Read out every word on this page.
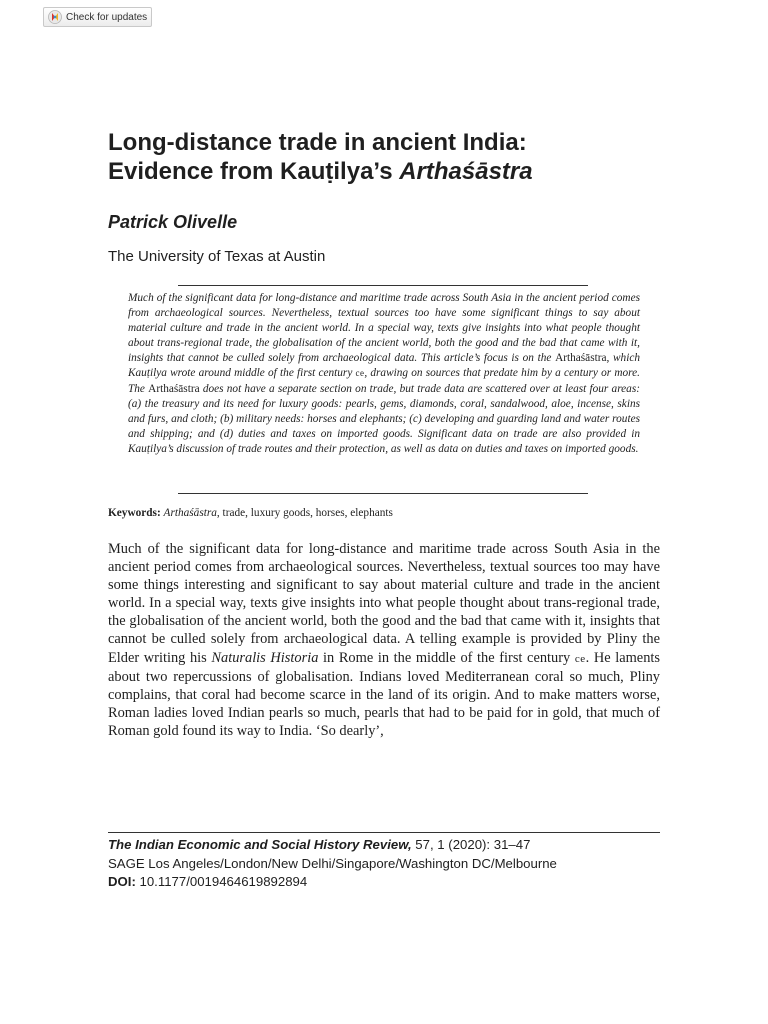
Check for updates
Long-distance trade in ancient India:
Evidence from Kauṭilya’s Arthaśāstra

Patrick Olivelle

The University of Texas at Austin

Much of the significant data for long-distance and maritime trade across South Asia in the ancient period comes from archaeological sources. Nevertheless, textual sources too have some significant things to say about material culture and trade in the ancient world. In a special way, texts give insights into what people thought about trans-regional trade, the globalisation of the ancient world, both the good and the bad that came with it, insights that cannot be culled solely from archaeological data. This article’s focus is on the Arthaśāstra, which Kauṭilya wrote around middle of the first century ce, drawing on sources that predate him by a century or more. The Arthaśāstra does not have a separate section on trade, but trade data are scattered over at least four areas: (a) the treasury and its need for luxury goods: pearls, gems, diamonds, coral, sandalwood, aloe, incense, skins and furs, and cloth; (b) military needs: horses and elephants; (c) developing and guarding land and water routes and shipping; and (d) duties and taxes on imported goods. Significant data on trade are also provided in Kauṭilya’s discussion of trade routes and their protection, as well as data on duties and taxes on imported goods.

Keywords: Arthaśāstra, trade, luxury goods, horses, elephants

Much of the significant data for long-distance and maritime trade across South Asia in the ancient period comes from archaeological sources. Nevertheless, textual sources too may have some things interesting and significant to say about material culture and trade in the ancient world. In a special way, texts give insights into what people thought about trans-regional trade, the globalisation of the ancient world, both the good and the bad that came with it, insights that cannot be culled solely from archaeological data. A telling example is provided by Pliny the Elder writing his Naturalis Historia in Rome in the middle of the first century ce. He laments about two repercussions of globalisation. Indians loved Mediterranean coral so much, Pliny complains, that coral had become scarce in the land of its origin. And to make matters worse, Roman ladies loved Indian pearls so much, pearls that had to be paid for in gold, that much of Roman gold found its way to India. ‘So dearly’,

The Indian Economic and Social History Review, 57, 1 (2020): 31–47
SAGE Los Angeles/London/New Delhi/Singapore/Washington DC/Melbourne
DOI: 10.1177/0019464619892894
